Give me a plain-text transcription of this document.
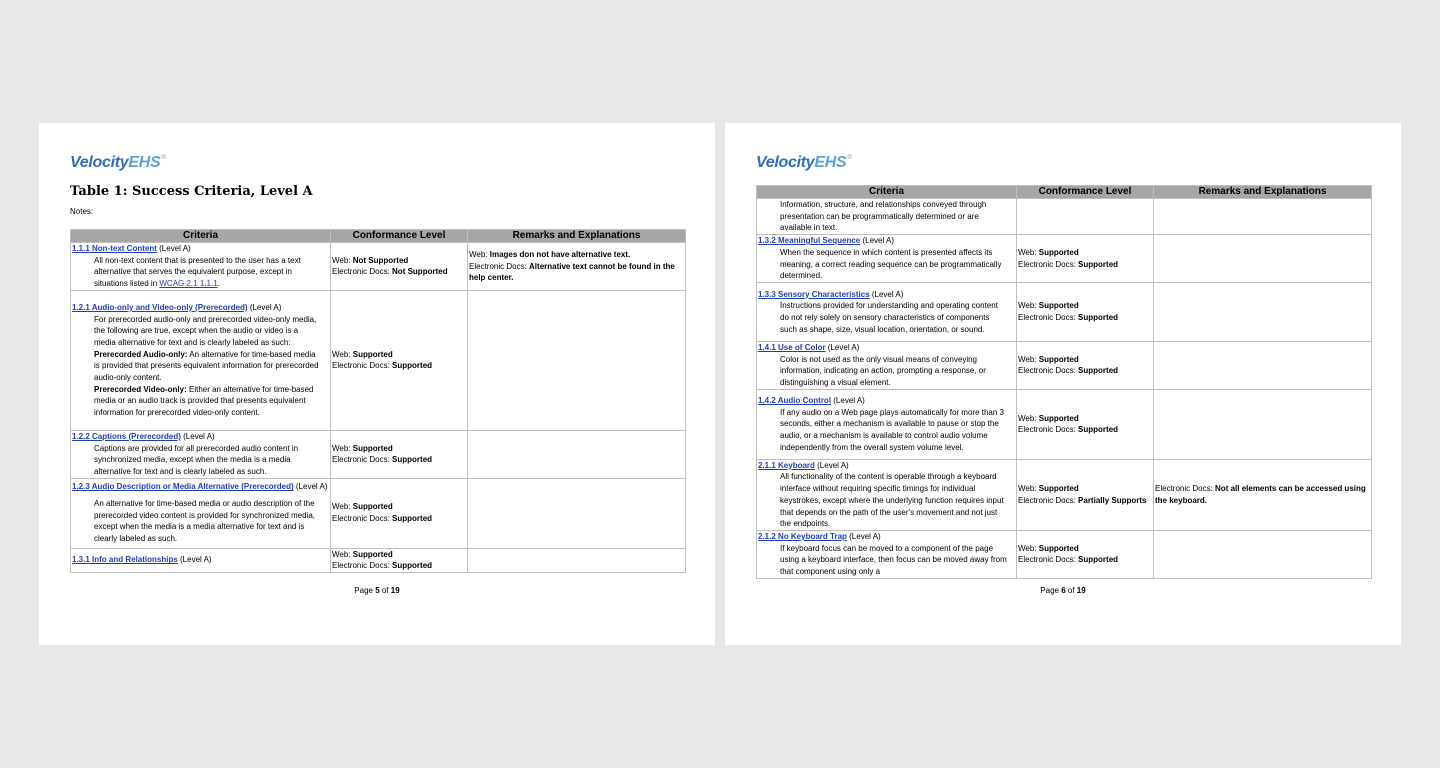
VelocityEHS ®
Table 1: Success Criteria, Level A
Notes:
Criteria	Conformance Level	Remarks and Explanations

1.1.1 Non-text Content (Level A)
All non-text content that is presented to the user has a text alternative that serves the equivalent purpose, except in situations listed in WCAG 2.1 1.1.1.	Web: Not Supported
Electronic Docs: Not Supported	Web: Images don not have alternative text.
Electronic Docs: Alternative text cannot be found in the help center.

1.2.1 Audio-only and Video-only (Prerecorded) (Level A)
For prerecorded audio-only and prerecorded video-only media, the following are true, except when the audio or video is a media alternative for text and is clearly labeled as such:
Prerecorded Audio-only: An alternative for time-based media is provided that presents equivalent information for prerecorded audio-only content.
Prerecorded Video-only: Either an alternative for time-based media or an audio track is provided that presents equivalent information for prerecorded video-only content.	Web: Supported
Electronic Docs: Supported	

1.2.2 Captions (Prerecorded) (Level A)
Captions are provided for all prerecorded audio content in synchronized media, except when the media is a media alternative for text and is clearly labeled as such.	Web: Supported
Electronic Docs: Supported	

1.2.3 Audio Description or Media Alternative (Prerecorded) (Level A)
An alternative for time-based media or audio description of the prerecorded video content is provided for synchronized media, except when the media is a media alternative for text and is clearly labeled as such.	Web: Supported
Electronic Docs: Supported	

1.3.1 Info and Relationships (Level A)	Web: Supported
Electronic Docs: Supported	

Page 5 of 19
VelocityEHS ®
Criteria	Conformance Level	Remarks and Explanations

Information, structure, and relationships conveyed through presentation can be programmatically determined or are available in text.		

1.3.2 Meaningful Sequence (Level A)
When the sequence in which content is presented affects its meaning, a correct reading sequence can be programmatically determined.	Web: Supported
Electronic Docs: Supported	

1.3.3 Sensory Characteristics (Level A)
Instructions provided for understanding and operating content do not rely solely on sensory characteristics of components such as shape, size, visual location, orientation, or sound.	Web: Supported
Electronic Docs: Supported	

1.4.1 Use of Color (Level A)
Color is not used as the only visual means of conveying information, indicating an action, prompting a response, or distinguishing a visual element.	Web: Supported
Electronic Docs: Supported	

1.4.2 Audio Control (Level A)
If any audio on a Web page plays automatically for more than 3 seconds, either a mechanism is available to pause or stop the audio, or a mechanism is available to control audio volume independently from the overall system volume level.	Web: Supported
Electronic Docs: Supported	

2.1.1 Keyboard (Level A)
All functionality of the content is operable through a keyboard interface without requiring specific timings for individual keystrokes, except where the underlying function requires input that depends on the path of the user's movement and not just the endpoints.	Web: Supported
Electronic Docs: Partially Supports	Electronic Docs: Not all elements can be accessed using the keyboard.

2.1.2 No Keyboard Trap (Level A)
If keyboard focus can be moved to a component of the page using a keyboard interface, then focus can be moved away from that component using only a	Web: Supported
Electronic Docs: Supported	

Page 6 of 19
